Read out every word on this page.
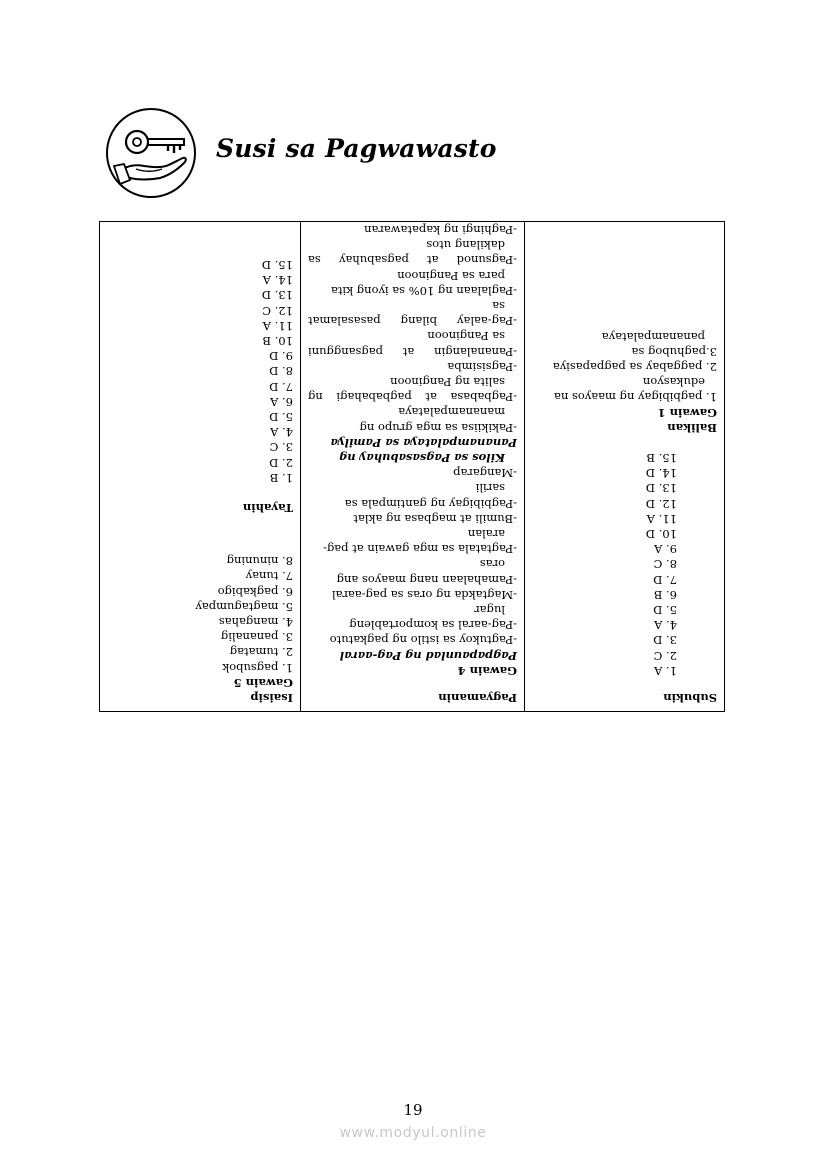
Susi sa Pagwawasto
Subukin
1. A
2. C
3. D
4. A
5. D
6. B
7. D
8. C
9. A
10. D
11. A
12. D
13. D
14. D
15. B
Balikan
Gawain 1
1. pagbibigay ng maayos na
edukasyon
2. paggabay sa pagpapasiya
3.paghubog sa
pananampalataya

Pagyamanin
Gawain 4
Pagpapaunlad ng Pag-aaral
-Pagtukoy sa istilo ng pagkatuto
-Pag-aaral sa komportableng
lugar
-Magtakda ng oras sa pag-aaral
-Pamahalaan nang maayos ang
oras
-Pagtatala sa mga gawain at pag-
aralan
-Bumili at magbasa ng aklat
-Pagbibigay ng gantimpala sa
sarili
-Mangarap
Kilos sa Pagsasabuhay ng
Pananampalataya sa Pamilya
-Pakikiisa sa mga grupo ng
mananampalataya
-Pagbabasa
at
pagbabahagi
ng
salita ng Panginoon
-Pagsisimba
-Pananalangin
at
pagsangguni
sa Panginoon
-Pag-aalay
bilang
pasasalamat
sa
-Paglalaan ng 10% sa iyong kita
para sa Panginoon
-Pagsunod
at
pagsabuhay
sa
dakilang utos
-Paghingi ng kapatawaran

Isaisip
Gawain 5
1. pagsubok
2. tumatag
3. pananalig
4. mangahas
5. magtagumpay
6. pagkabigo
7. tunay
8. ninuning
Tayahin
1. B
2. D
3. C
4. A
5. D
6. A
7. D
8. D
9. D
10. B
11. A
12. C
13. D
14. A
15. D
19
www.modyul.online
